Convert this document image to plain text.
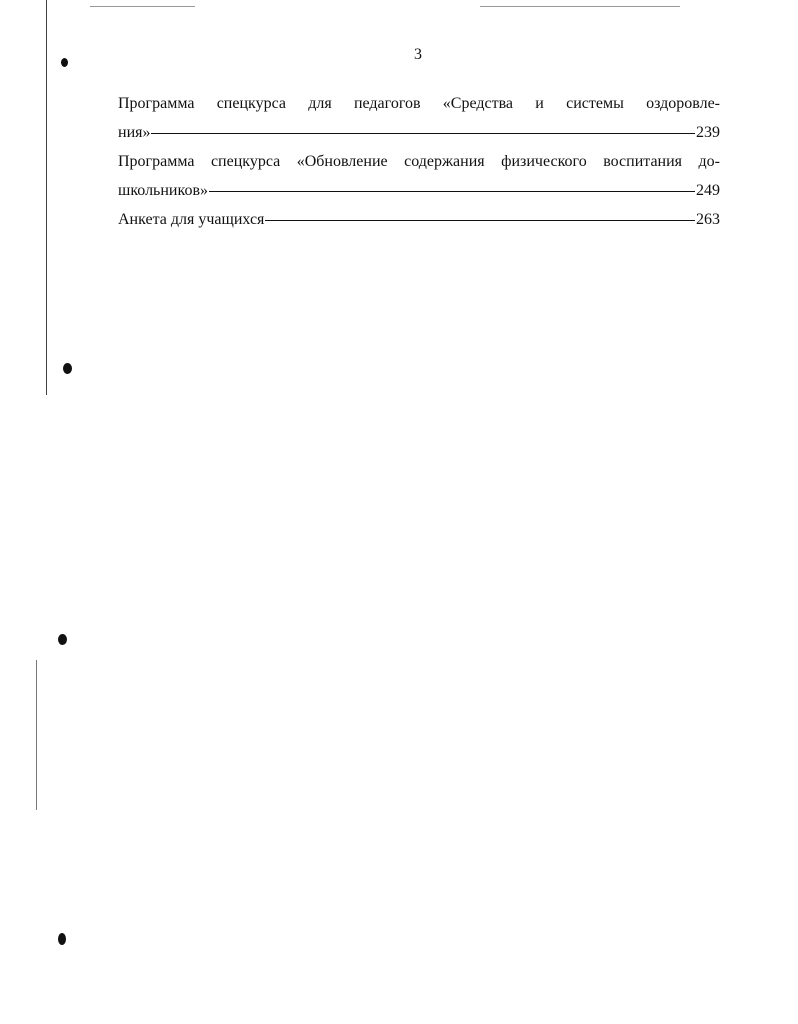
3
Программа спецкурса для педагогов «Средства и системы оздоровле-
ния»	239
Программа спецкурса «Обновление содержания физического воспитания до-
школьников»	249
Анкета для учащихся	263
